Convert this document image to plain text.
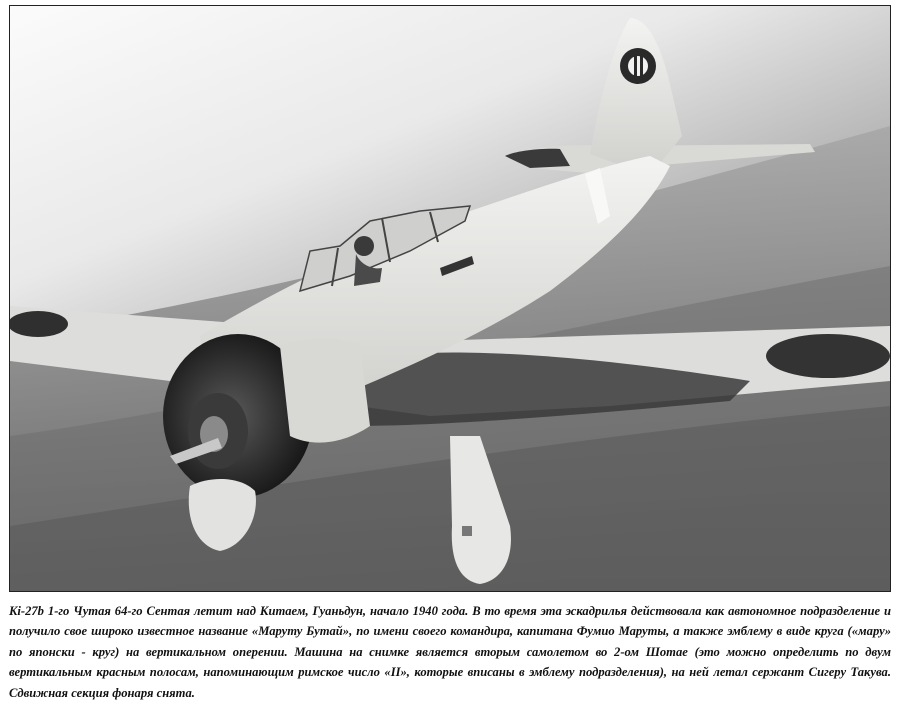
Ki-27b 1-го Чутая 64-го Сентая летит над Китаем, Гуаньдун, начало 1940 года. В то время эта эскадрилья действовала как автономное подразделение и получило свое широко известное название «Маруту Бутай», по имени своего командира, капитана Фумио Маруты, а также эмблему в виде круга («мару» по японски - круг) на вертикальном оперении. Машина на снимке является вторым самолетом во 2-ом Шотае (это можно определить по двум вертикальным красным полосам, напоминающим римское число «II», которые вписаны в эмблему подразделения), на ней летал сержант Сигеру Такува. Сдвижная секция фонаря снята.
